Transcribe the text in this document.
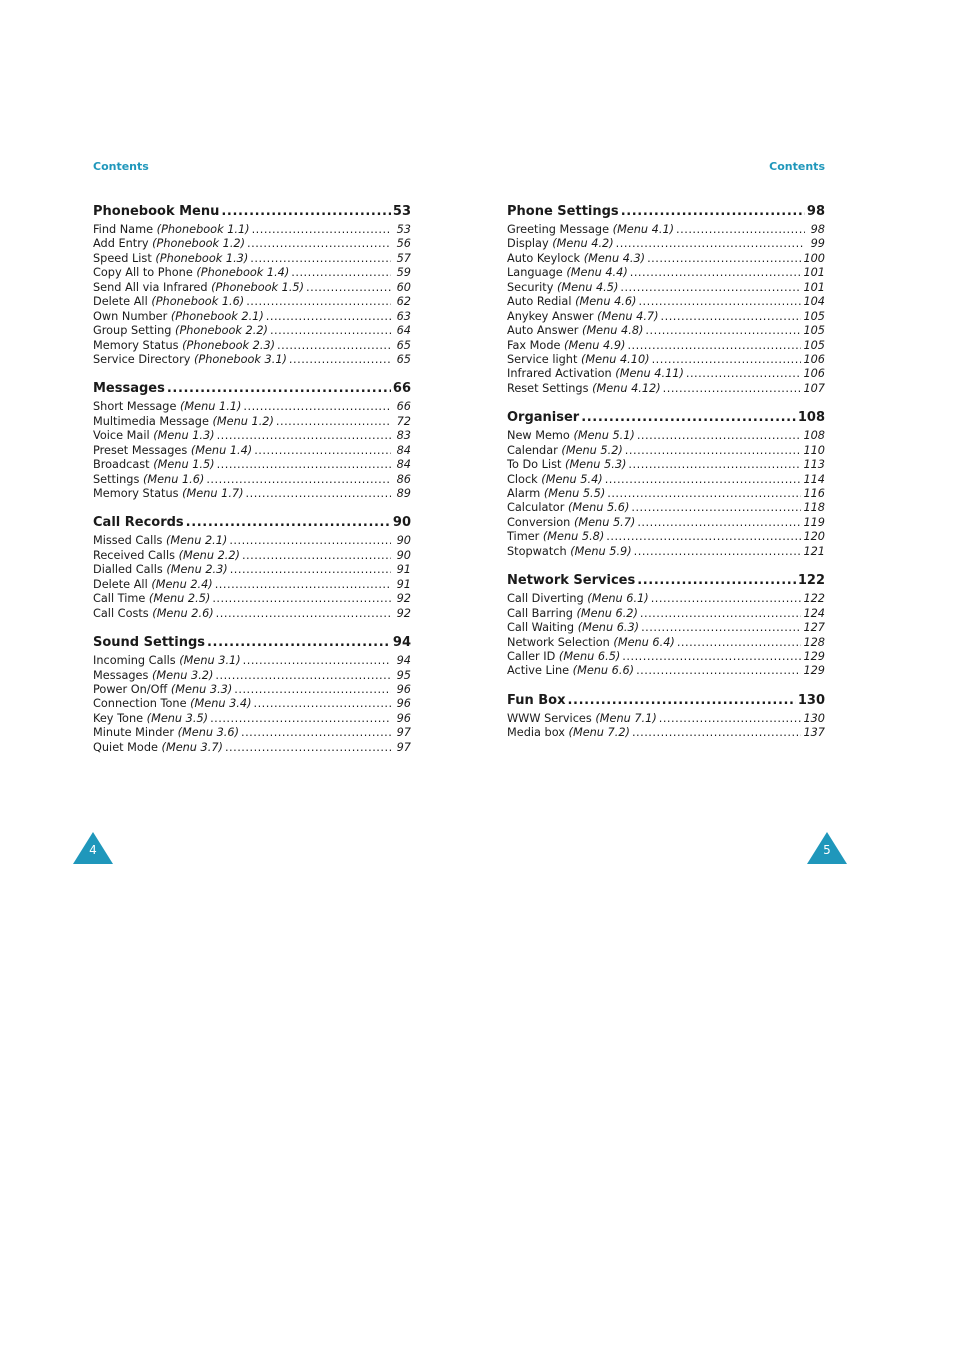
Contents	Contents
Phonebook Menu .....	53
Find Name (Phonebook 1.1) .....	53
Add Entry (Phonebook 1.2) .....	56
Speed List (Phonebook 1.3) .....	57
Copy All to Phone (Phonebook 1.4) .....	59
Send All via Infrared (Phonebook 1.5) .....	60
Delete All (Phonebook 1.6) .....	62
Own Number (Phonebook 2.1) .....	63
Group Setting (Phonebook 2.2) .....	64
Memory Status (Phonebook 2.3) .....	65
Service Directory (Phonebook 3.1) .....	65
Messages .....	66
Short Message (Menu 1.1) .....	66
Multimedia Message (Menu 1.2) .....	72
Voice Mail (Menu 1.3) .....	83
Preset Messages (Menu 1.4) .....	84
Broadcast (Menu 1.5) .....	84
Settings (Menu 1.6) .....	86
Memory Status (Menu 1.7) .....	89
Call Records .....	90
Missed Calls (Menu 2.1) .....	90
Received Calls (Menu 2.2) .....	90
Dialled Calls (Menu 2.3) .....	91
Delete All (Menu 2.4) .....	91
Call Time (Menu 2.5) .....	92
Call Costs (Menu 2.6) .....	92
Sound Settings .....	94
Incoming Calls (Menu 3.1) .....	94
Messages (Menu 3.2) .....	95
Power On/Off (Menu 3.3) .....	96
Connection Tone (Menu 3.4) .....	96
Key Tone (Menu 3.5) .....	96
Minute Minder (Menu 3.6) .....	97
Quiet Mode (Menu 3.7) .....	97
Phone Settings .....	98
Greeting Message (Menu 4.1) .....	98
Display (Menu 4.2) .....	99
Auto Keylock (Menu 4.3) .....	100
Language (Menu 4.4) .....	101
Security (Menu 4.5) .....	101
Auto Redial (Menu 4.6) .....	104
Anykey Answer (Menu 4.7) .....	105
Auto Answer (Menu 4.8) .....	105
Fax Mode (Menu 4.9) .....	105
Service light (Menu 4.10) .....	106
Infrared Activation (Menu 4.11) .....	106
Reset Settings (Menu 4.12) .....	107
Organiser .....	108
New Memo (Menu 5.1) .....	108
Calendar (Menu 5.2) .....	110
To Do List (Menu 5.3) .....	113
Clock (Menu 5.4) .....	114
Alarm (Menu 5.5) .....	116
Calculator (Menu 5.6) .....	118
Conversion (Menu 5.7) .....	119
Timer (Menu 5.8) .....	120
Stopwatch (Menu 5.9) .....	121
Network Services .....	122
Call Diverting (Menu 6.1) .....	122
Call Barring (Menu 6.2) .....	124
Call Waiting (Menu 6.3) .....	127
Network Selection (Menu 6.4) .....	128
Caller ID (Menu 6.5) .....	129
Active Line (Menu 6.6) .....	129
Fun Box .....	130
WWW Services (Menu 7.1) .....	130
Media box (Menu 7.2) .....	137
4	5
